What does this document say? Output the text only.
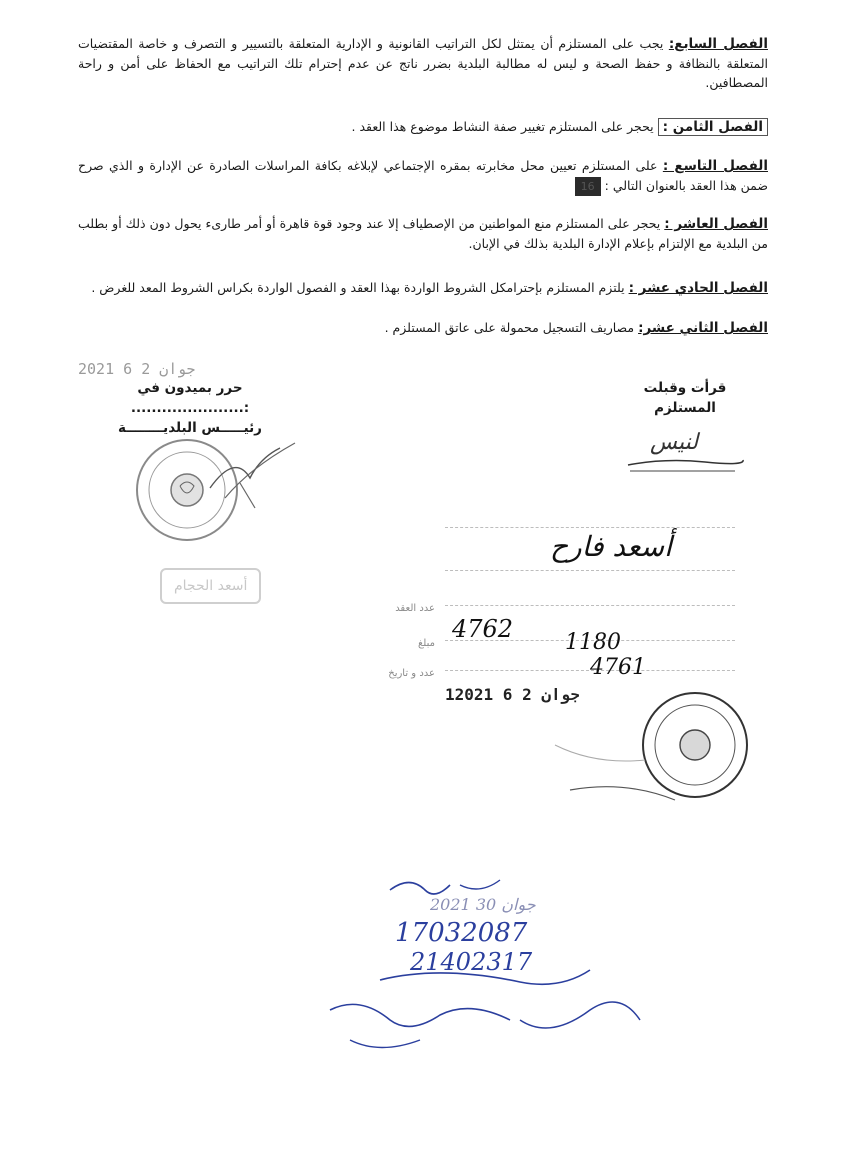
الفصل السابع: يجب على المستلزم أن يمتثل لكل التراتيب القانونية و الإدارية المتعلقة بالتسيير و التصرف و خاصة المقتضيات المتعلقة بالنظافة و حفظ الصحة و ليس له مطالبة البلدية بضرر ناتج عن عدم إحترام تلك التراتيب مع الحفاظ على أمن و راحة المصطافين.
الفصل الثامن : يحجر على المستلزم تغيير صفة النشاط موضوع هذا العقد .
الفصل التاسع : على المستلزم تعيين محل مخابرته بمقره الإجتماعي لإبلاغه بكافة المراسلات الصادرة عن الإدارة و الذي صرح ضمن هذا العقد بالعنوان التالي : 16
الفصل العاشر : يحجر على المستلزم منع المواطنين من الإصطياف إلا عند وجود قوة قاهرة أو أمر طارىء يحول دون ذلك أو بطلب من البلدية مع الإلتزام بإعلام الإدارة البلدية بذلك في الإبان.
الفصل الحادي عشر : يلتزم المستلزم بإحترامكل الشروط الواردة بهذا العقد و الفصول الواردة بكراس الشروط المعد للغرض .
الفصل الثاني عشر: مصاريف التسجيل محمولة على عاتق المستلزم .
2021 جوان 2 6
حرر بميدون في :......................
رئيـــــس البلديــــــــة
قرأت وقبلت
المستلزم
لنيس
أسعد الحجام
عدد العقد
مبلغ
عدد و تاريخ
أسعد فارح
4762 1180
4761
12021 جوان 2 6
2021 جوان 30
17032087
21402317
